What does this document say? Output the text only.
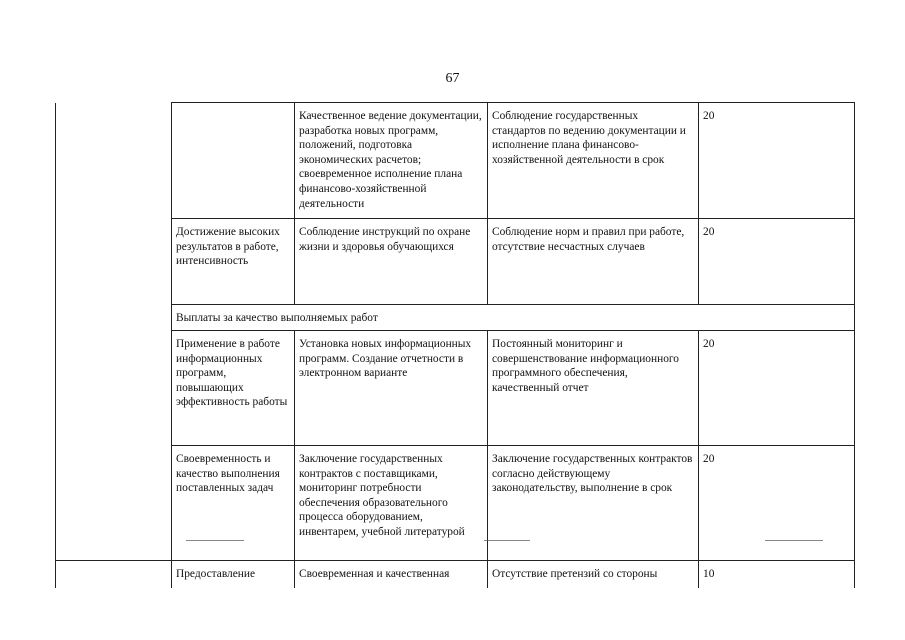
67
		Качественное ведение документации, разработка новых программ, положений, подготовка экономических расчетов; своевременное исполнение плана финансово-хозяйственной деятельности	Соблюдение государственных стандартов по ведению документации и исполнение плана финансово-хозяйственной деятельности в срок	20
	Достижение высоких результатов в работе, интенсивность	Соблюдение инструкций по охране жизни и здоровья обучающихся	Соблюдение норм и правил при работе, отсутствие несчастных случаев	20
	Выплаты за качество выполняемых работ			
	Применение в работе информационных программ, повышающих эффективность работы	Установка новых информационных программ. Создание отчетности в электронном варианте	Постоянный мониторинг и совершенствование информационного программного обеспечения, качественный отчет	20
	Своевременность и качество выполнения поставленных задач	Заключение государственных контрактов с поставщиками, мониторинг потребности обеспечения образовательного процесса оборудованием, инвентарем, учебной литературой	Заключение государственных контрактов согласно действующему законодательству, выполнение в срок	20
	Предоставление	Своевременная и качественная	Отсутствие претензий со стороны	10
